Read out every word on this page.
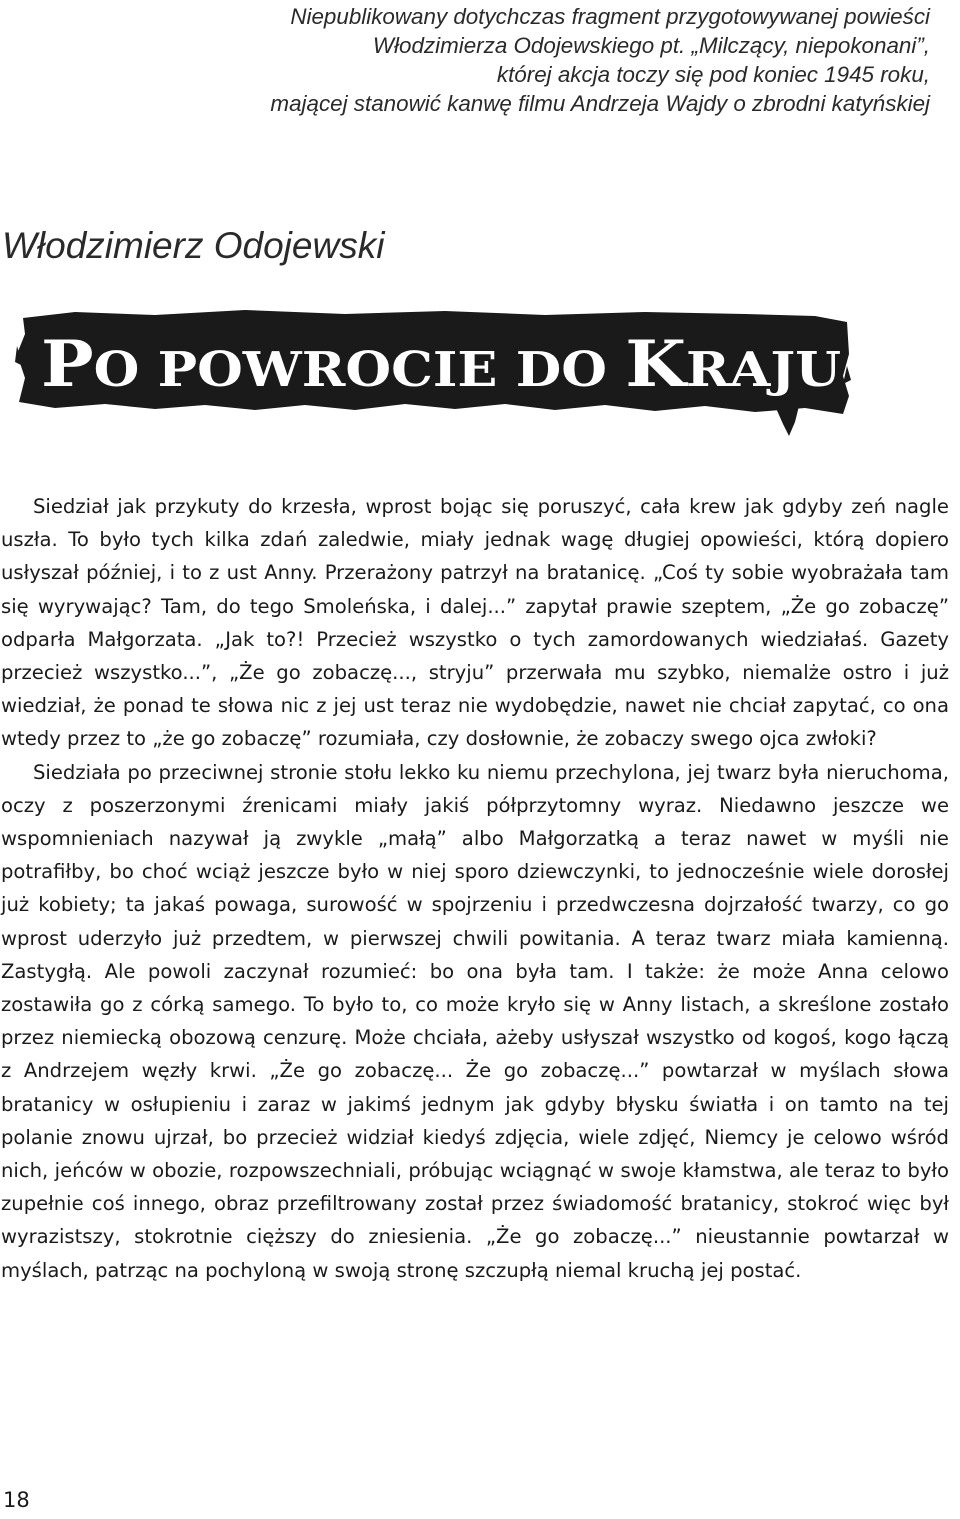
Niepublikowany dotychczas fragment przygotowywanej powieści
Włodzimierza Odojewskiego pt. „Milczący, niepokonani”,
której akcja toczy się pod koniec 1945 roku,
mającej stanowić kanwę filmu Andrzeja Wajdy o zbrodni katyńskiej
Włodzimierz Odojewski
PO POWROCIE DO K RAJU

Siedział jak przykuty do krzesła, wprost bojąc się poruszyć, cała krew jak gdyby zeń nagle uszła. To było tych kilka zdań zaledwie, miały jednak wagę długiej opowieści, którą dopiero usłyszał później, i to z ust Anny. Przerażony patrzył na bratanicę. „Coś ty sobie wyobrażała tam się wyrywając? Tam, do tego Smoleńska, i dalej...” zapytał prawie szeptem, „Że go zobaczę” odparła Małgorzata. „Jak to?! Przecież wszystko o tych zamordowanych wiedziałaś. Gazety przecież wszystko...”, „Że go zobaczę..., stryju” przerwała mu szybko, niemalże ostro i już wiedział, że ponad te słowa nic z jej ust teraz nie wydobędzie, nawet nie chciał zapytać, co ona wtedy przez to „że go zobaczę” rozumiała, czy dosłownie, że zobaczy swego ojca zwłoki?

Siedziała po przeciwnej stronie stołu lekko ku niemu przechylona, jej twarz była nieruchoma, oczy z poszerzonymi źrenicami miały jakiś półprzytomny wyraz. Niedawno jeszcze we wspomnieniach nazywał ją zwykle „małą” albo Małgorzatką a teraz nawet w myśli nie potrafiłby, bo choć wciąż jeszcze było w niej sporo dziewczynki, to jednocześnie wiele dorosłej już kobiety; ta jakaś powaga, surowość w spojrzeniu i przedwczesna dojrzałość twarzy, co go wprost uderzyło już przedtem, w pierwszej chwili powitania. A teraz twarz miała kamienną. Zastygłą. Ale powoli zaczynał rozumieć: bo ona była tam. I także: że może Anna celowo zostawiła go z córką samego. To było to, co może kryło się w Anny listach, a skreślone zostało przez niemiecką obozową cenzurę. Może chciała, ażeby usłyszał wszystko od kogoś, kogo łączą z Andrzejem węzły krwi. „Że go zobaczę... Że go zobaczę...” powtarzał w myślach słowa bratanicy w osłupieniu i zaraz w jakimś jednym jak gdyby błysku światła i on tamto na tej polanie znowu ujrzał, bo przecież widział kiedyś zdjęcia, wiele zdjęć, Niemcy je celowo wśród nich, jeńców w obozie, rozpowszechniali, próbując wciągnąć w swoje kłamstwa, ale teraz to było zupełnie coś innego, obraz przefiltrowany został przez świadomość bratanicy, stokroć więc był wyrazistszy, stokrotnie cięższy do zniesienia. „Że go zobaczę...” nieustannie powtarzał w myślach, patrząc na pochyloną w swoją stronę szczupłą niemal kruchą jej postać.

18
